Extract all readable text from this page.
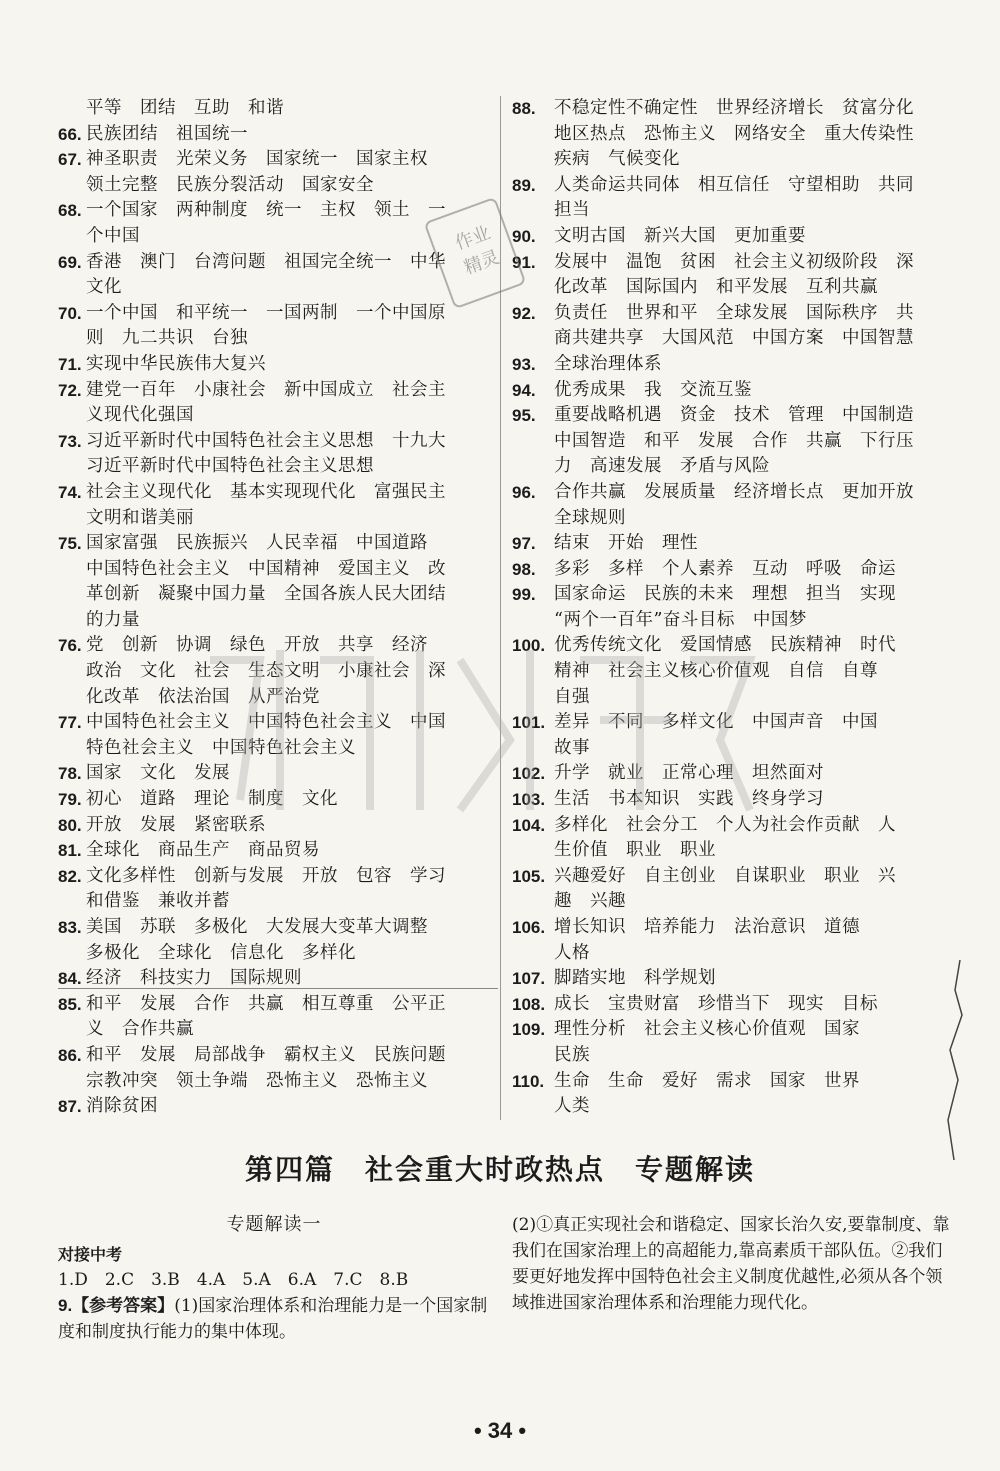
平等　团结　互助　和谐
66. 民族团结　祖国统一
67. 神圣职责　光荣义务　国家统一　国家主权
领土完整　民族分裂活动　国家安全
68. 一个国家　两种制度　统一　主权　领土　一
个中国
69. 香港　澳门　台湾问题　祖国完全统一　中华
文化
70. 一个中国　和平统一　一国两制　一个中国原
则　九二共识　台独
71. 实现中华民族伟大复兴
72. 建党一百年　小康社会　新中国成立　社会主
义现代化强国
73. 习近平新时代中国特色社会主义思想　十九大
习近平新时代中国特色社会主义思想
74. 社会主义现代化　基本实现现代化　富强民主
文明和谐美丽
75. 国家富强　民族振兴　人民幸福　中国道路
中国特色社会主义　中国精神　爱国主义　改
革创新　凝聚中国力量　全国各族人民大团结
的力量
76. 党　创新　协调　绿色　开放　共享　经济
政治　文化　社会　生态文明　小康社会　深
化改革　依法治国　从严治党
77. 中国特色社会主义　中国特色社会主义　中国
特色社会主义　中国特色社会主义
78. 国家　文化　发展
79. 初心　道路　理论　制度　文化
80. 开放　发展　紧密联系
81. 全球化　商品生产　商品贸易
82. 文化多样性　创新与发展　开放　包容　学习
和借鉴　兼收并蓄
83. 美国　苏联　多极化　大发展大变革大调整
多极化　全球化　信息化　多样化
84. 经济　科技实力　国际规则
85. 和平　发展　合作　共赢　相互尊重　公平正
义　合作共赢
86. 和平　发展　局部战争　霸权主义　民族问题
宗教冲突　领土争端　恐怖主义　恐怖主义
87. 消除贫困
88.	不稳定性不确定性　世界经济增长　贫富分化
地区热点　恐怖主义　网络安全　重大传染性
疾病　气候变化
89.	人类命运共同体　相互信任　守望相助　共同
担当
90.	文明古国　新兴大国　更加重要
91.	发展中　温饱　贫困　社会主义初级阶段　深
化改革　国际国内　和平发展　互利共赢
92.	负责任　世界和平　全球发展　国际秩序　共
商共建共享　大国风范　中国方案　中国智慧
93.	全球治理体系
94.	优秀成果　我　交流互鉴
95.	重要战略机遇　资金　技术　管理　中国制造
中国智造　和平　发展　合作　共赢　下行压
力　高速发展　矛盾与风险
96.	合作共赢　发展质量　经济增长点　更加开放
全球规则
97.	结束　开始　理性
98.	多彩　多样　个人素养　互动　呼吸　命运
99.	国家命运　民族的未来　理想　担当　实现
“两个一百年”奋斗目标　中国梦
100. 优秀传统文化　爱国情感　民族精神　时代
精神　社会主义核心价值观　自信　自尊
自强
101. 差异　不同　多样文化　中国声音　中国
故事
102. 升学　就业　正常心理　坦然面对
103. 生活　书本知识　实践　终身学习
104. 多样化　社会分工　个人为社会作贡献　人
生价值　职业　职业
105. 兴趣爱好　自主创业　自谋职业　职业　兴
趣　兴趣
106. 增长知识　培养能力　法治意识　道德
人格
107. 脚踏实地　科学规划
108. 成长　宝贵财富　珍惜当下　现实　目标
109. 理性分析　社会主义核心价值观　国家
民族
110. 生命　生命　爱好　需求　国家　世界
人类
第四篇　社会重大时政热点　专题解读
专题解读一
对接中考
1.D　2.C　3.B　4.A　5.A　6.A　7.C　8.B
9.【参考答案】(1)国家治理体系和治理能力是一个国家制度和制度执行能力的集中体现。
(2)①真正实现社会和谐稳定、国家长治久安,要靠制度、靠我们在国家治理上的高超能力,靠高素质干部队伍。②我们要更好地发挥中国特色社会主义制度优越性,必须从各个领域推进国家治理体系和治理能力现代化。
• 34 •
作业
精灵
